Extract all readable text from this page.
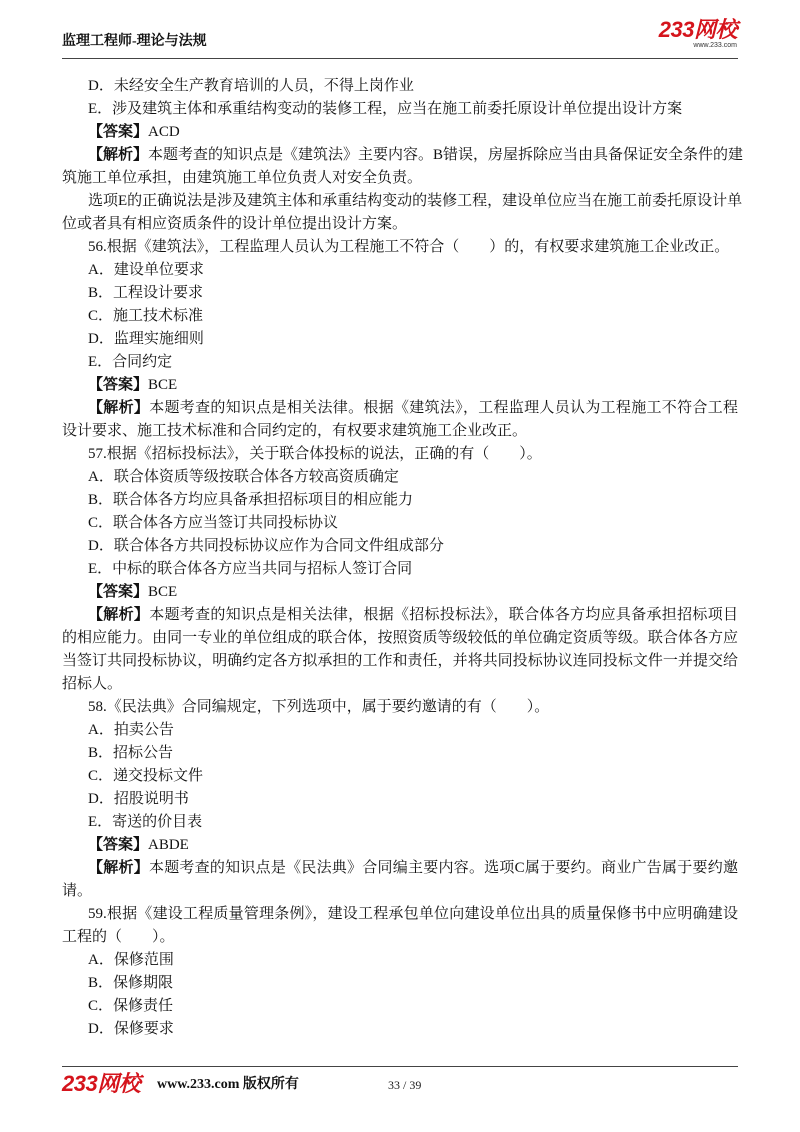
监理工程师-理论与法规	233网校
www.233.com
D．未经安全生产教育培训的人员，不得上岗作业
E．涉及建筑主体和承重结构变动的装修工程，应当在施工前委托原设计单位提出设计方案
【答案】ACD
【解析】本题考查的知识点是《建筑法》主要内容。B错误，房屋拆除应当由具备保证安全条件的建
筑施工单位承担，由建筑施工单位负责人对安全负责。
选项E的正确说法是涉及建筑主体和承重结构变动的装修工程，建设单位应当在施工前委托原设计单
位或者具有相应资质条件的设计单位提出设计方案。
56.根据《建筑法》，工程监理人员认为工程施工不符合（　　）的，有权要求建筑施工企业改正。
A．建设单位要求
B．工程设计要求
C．施工技术标准
D．监理实施细则
E．合同约定
【答案】BCE
【解析】本题考查的知识点是相关法律。根据《建筑法》，工程监理人员认为工程施工不符合工程
设计要求、施工技术标准和合同约定的，有权要求建筑施工企业改正。
57.根据《招标投标法》，关于联合体投标的说法，正确的有（　　）。
A．联合体资质等级按联合体各方较高资质确定
B．联合体各方均应具备承担招标项目的相应能力
C．联合体各方应当签订共同投标协议
D．联合体各方共同投标协议应作为合同文件组成部分
E．中标的联合体各方应当共同与招标人签订合同
【答案】BCE
【解析】本题考查的知识点是相关法律，根据《招标投标法》，联合体各方均应具备承担招标项目
的相应能力。由同一专业的单位组成的联合体，按照资质等级较低的单位确定资质等级。联合体各方应
当签订共同投标协议，明确约定各方拟承担的工作和责任，并将共同投标协议连同投标文件一并提交给
招标人。
58.《民法典》合同编规定，下列选项中，属于要约邀请的有（　　）。
A．拍卖公告
B．招标公告
C．递交投标文件
D．招股说明书
E．寄送的价目表
【答案】ABDE
【解析】本题考查的知识点是《民法典》合同编主要内容。选项C属于要约。商业广告属于要约邀
请。
59.根据《建设工程质量管理条例》，建设工程承包单位向建设单位出具的质量保修书中应明确建设
工程的（　　）。
A．保修范围
B．保修期限
C．保修责任
D．保修要求
233网校 www.233.com 版权所有	33 / 39
